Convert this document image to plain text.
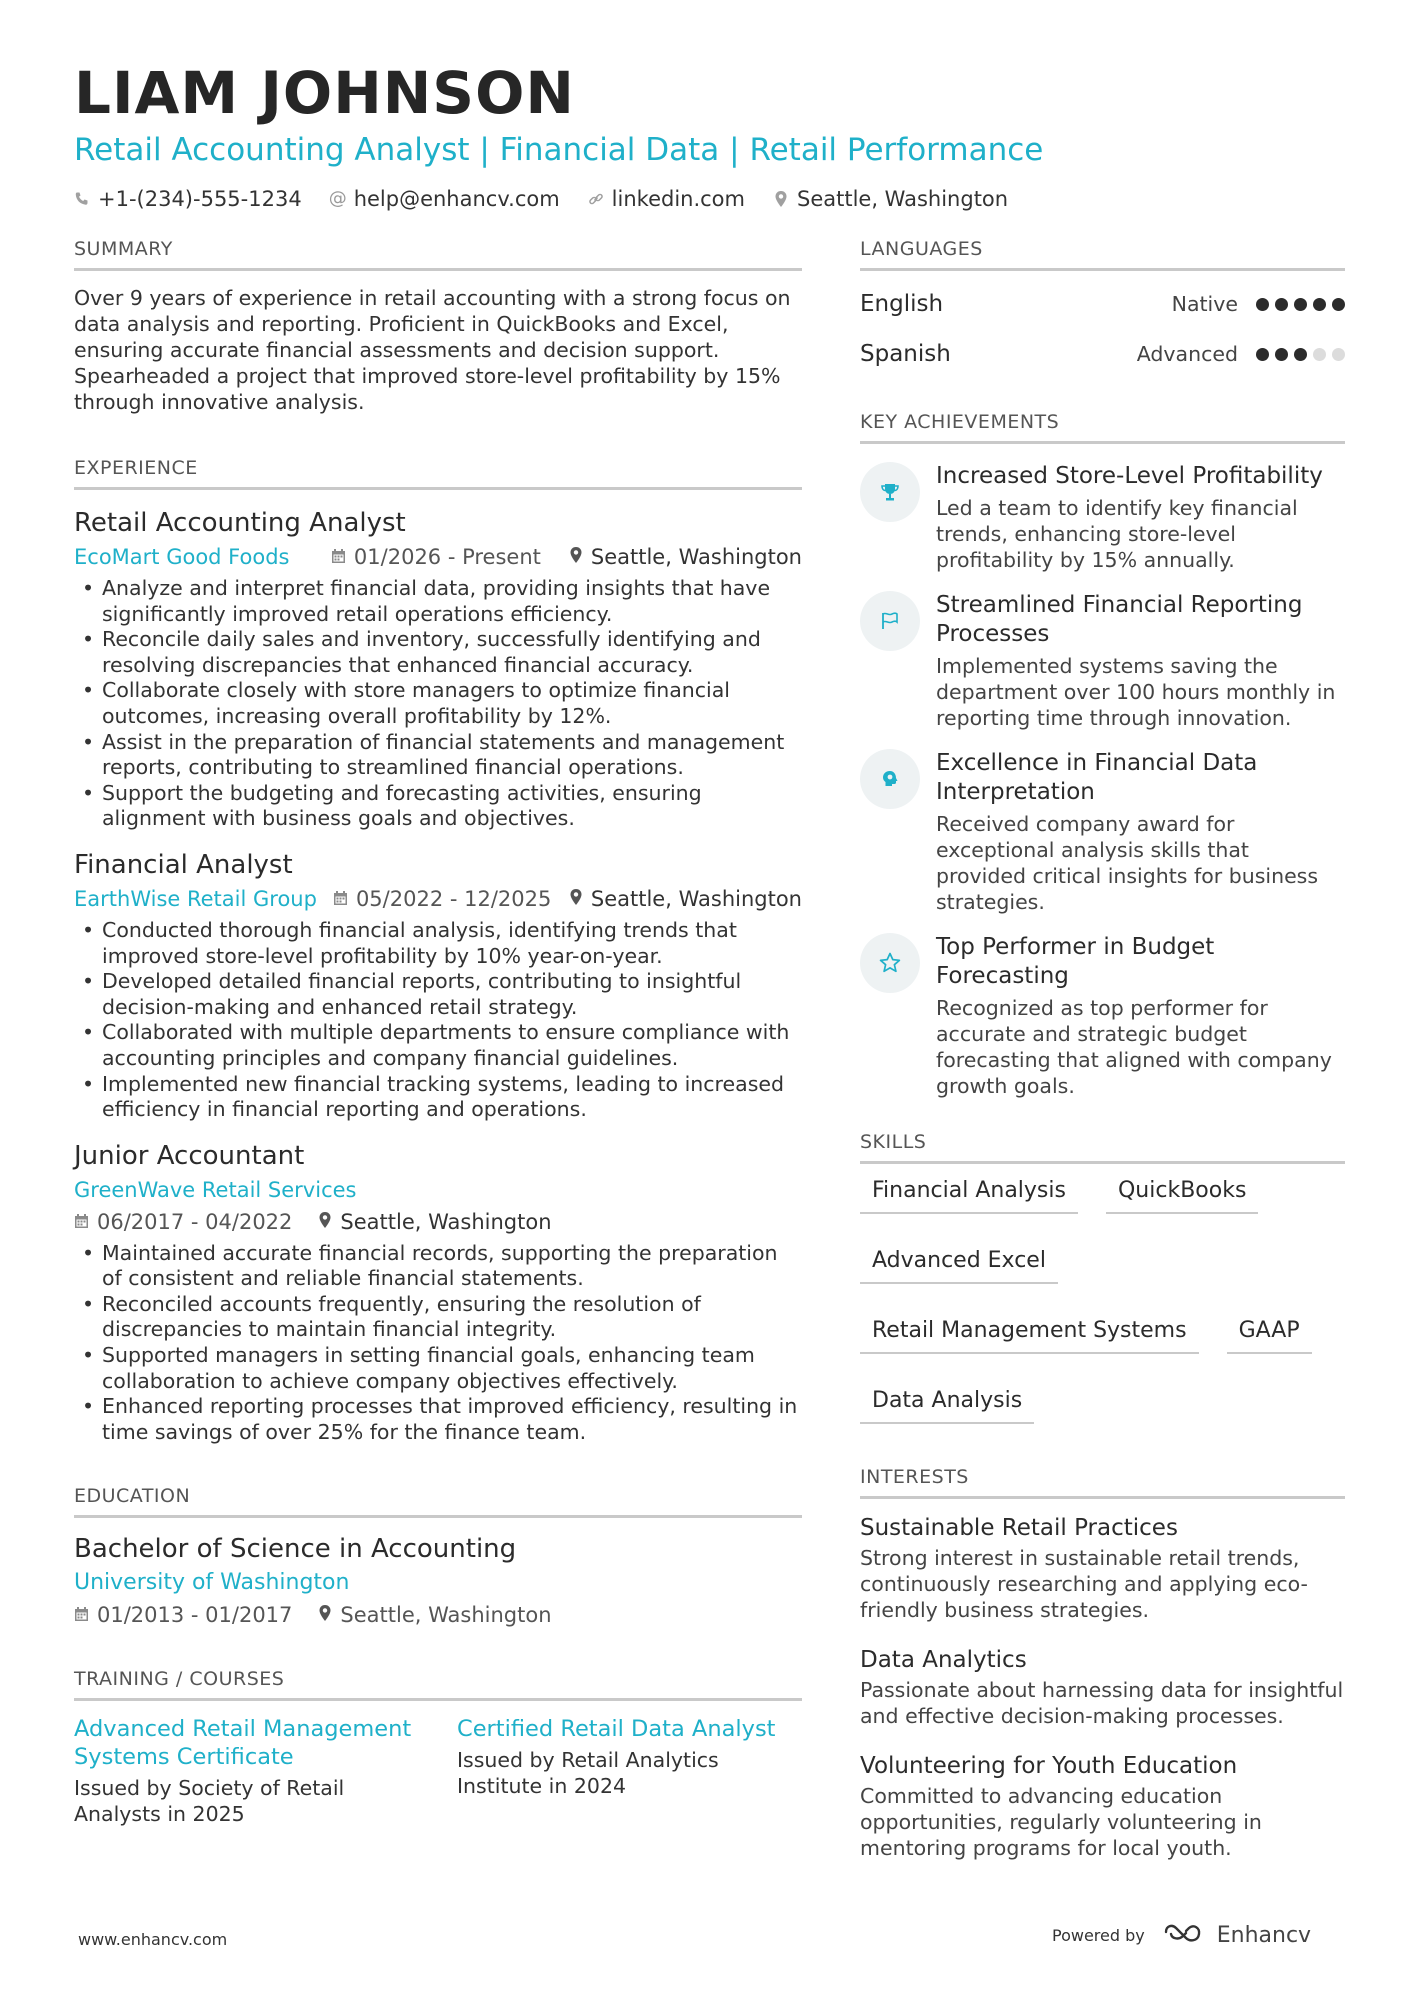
LIAM JOHNSON
Retail Accounting Analyst | Financial Data | Retail Performance
+1-(234)-555-1234 @ help@enhancv.com linkedin.com Seattle, Washington
SUMMARY
Over 9 years of experience in retail accounting with a strong focus on data analysis and reporting. Proficient in QuickBooks and Excel, ensuring accurate financial assessments and decision support. Spearheaded a project that improved store-level profitability by 15% through innovative analysis.
EXPERIENCE
Retail Accounting Analyst
EcoMart Good Foods	01/2026 - Present Seattle, Washington
• Analyze and interpret financial data, providing insights that have significantly improved retail operations efficiency.
• Reconcile daily sales and inventory, successfully identifying and resolving discrepancies that enhanced financial accuracy.
• Collaborate closely with store managers to optimize financial outcomes, increasing overall profitability by 12%.
• Assist in the preparation of financial statements and management reports, contributing to streamlined financial operations.
• Support the budgeting and forecasting activities, ensuring alignment with business goals and objectives.
Financial Analyst
EarthWise Retail Group 05/2022 - 12/2025 Seattle, Washington
• Conducted thorough financial analysis, identifying trends that improved store-level profitability by 10% year-on-year.
• Developed detailed financial reports, contributing to insightful decision-making and enhanced retail strategy.
• Collaborated with multiple departments to ensure compliance with accounting principles and company financial guidelines.
• Implemented new financial tracking systems, leading to increased efficiency in financial reporting and operations.
Junior Accountant
GreenWave Retail Services
06/2017 - 04/2022 Seattle, Washington
• Maintained accurate financial records, supporting the preparation of consistent and reliable financial statements.
• Reconciled accounts frequently, ensuring the resolution of discrepancies to maintain financial integrity.
• Supported managers in setting financial goals, enhancing team collaboration to achieve company objectives effectively.
• Enhanced reporting processes that improved efficiency, resulting in time savings of over 25% for the finance team.
EDUCATION
Bachelor of Science in Accounting
University of Washington
01/2013 - 01/2017 Seattle, Washington
TRAINING / COURSES
Advanced Retail Management Systems Certificate
Issued by Society of Retail Analysts in 2025
Certified Retail Data Analyst
Issued by Retail Analytics Institute in 2024
LANGUAGES
English	Native
Spanish	Advanced
KEY ACHIEVEMENTS
Increased Store-Level Profitability
Led a team to identify key financial trends, enhancing store-level profitability by 15% annually.
Streamlined Financial Reporting Processes
Implemented systems saving the department over 100 hours monthly in reporting time through innovation.
Excellence in Financial Data Interpretation
Received company award for exceptional analysis skills that provided critical insights for business strategies.
Top Performer in Budget Forecasting
Recognized as top performer for accurate and strategic budget forecasting that aligned with company growth goals.
SKILLS
Financial Analysis	QuickBooks
Advanced Excel
Retail Management Systems	GAAP
Data Analysis
INTERESTS
Sustainable Retail Practices
Strong interest in sustainable retail trends, continuously researching and applying eco-friendly business strategies.
Data Analytics
Passionate about harnessing data for insightful and effective decision-making processes.
Volunteering for Youth Education
Committed to advancing education opportunities, regularly volunteering in mentoring programs for local youth.
www.enhancv.com	Powered by	Enhancv
